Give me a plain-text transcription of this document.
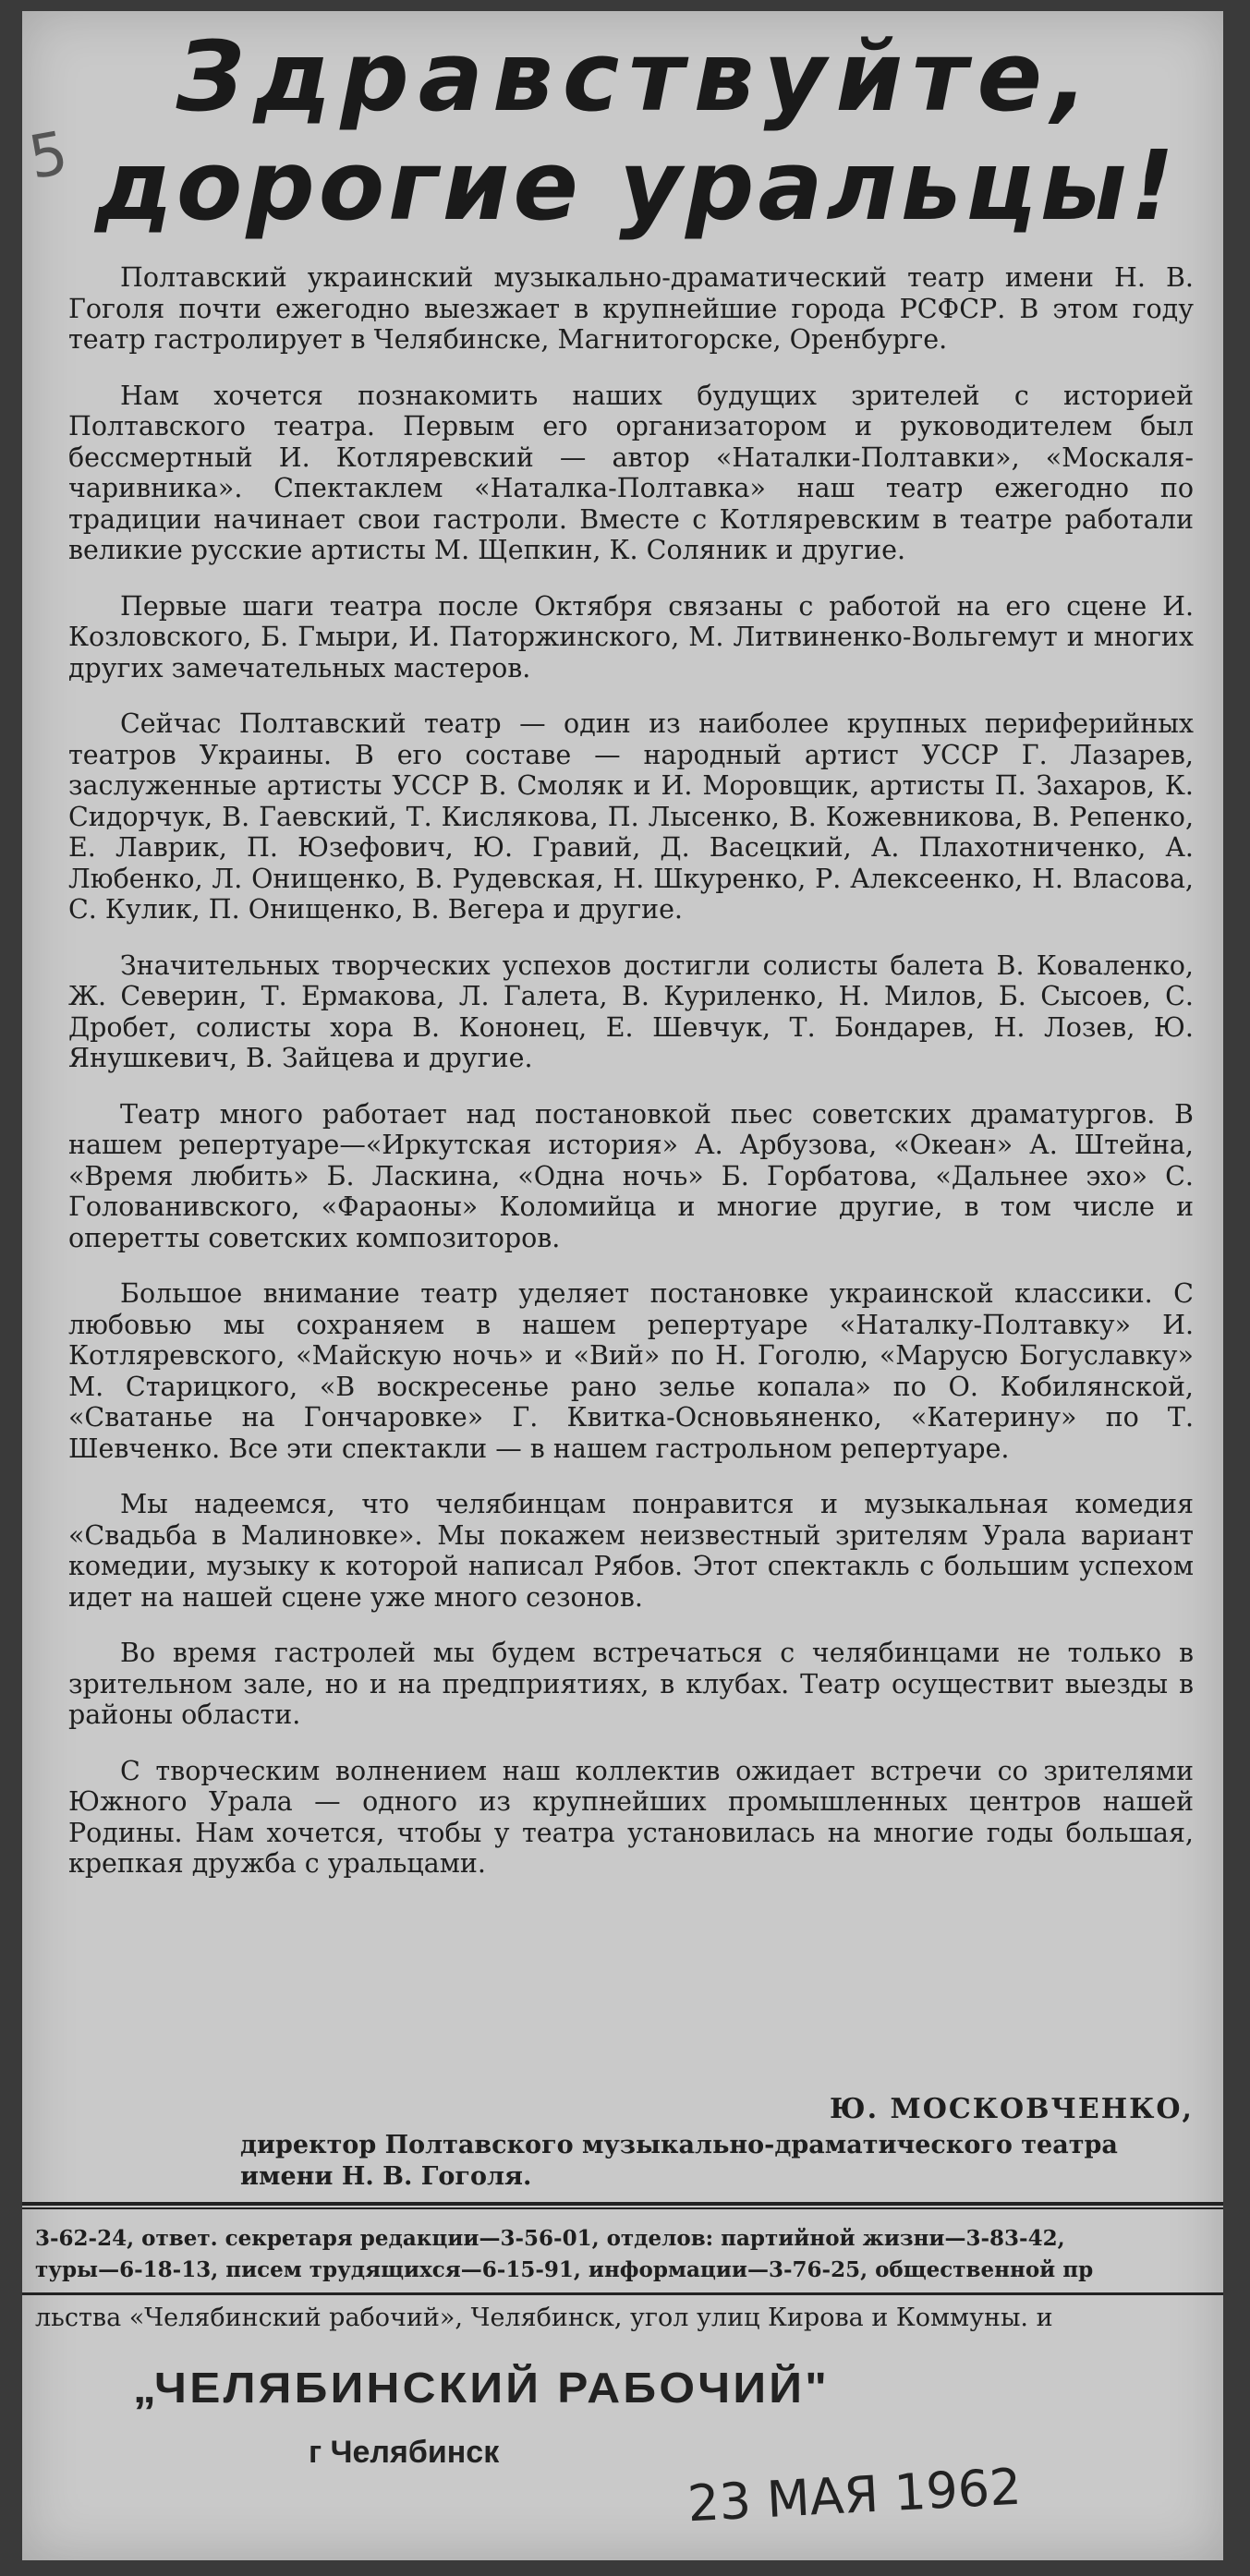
5
Здравствуйте,
дорогие уральцы!

Полтавский украинский музыкально-драматический театр имени Н. В. Гоголя почти ежегодно выезжает в крупнейшие города РСФСР. В этом году театр гастролирует в Челябинске, Магнитогорске, Оренбурге.

Нам хочется познакомить наших будущих зрителей с историей Полтавского театра. Первым его организатором и руководителем был бессмертный И. Котляревский — автор «Наталки-Полтавки», «Москаля-чаривника». Спектаклем «Наталка-Полтавка» наш театр ежегодно по традиции начинает свои гастроли. Вместе с Котляревским в театре работали великие русские артисты М. Щепкин, К. Соляник и другие.

Первые шаги театра после Октября связаны с работой на его сцене И. Козловского, Б. Гмыри, И. Паторжинского, М. Литвиненко-Вольгемут и многих других замечательных мастеров.

Сейчас Полтавский театр — один из наиболее крупных периферийных театров Украины. В его составе — народный артист УССР Г. Лазарев, заслуженные артисты УССР В. Смоляк и И. Моровщик, артисты П. Захаров, К. Сидорчук, В. Гаевский, Т. Кислякова, П. Лысенко, В. Кожевникова, В. Репенко, Е. Лаврик, П. Юзефович, Ю. Гравий, Д. Васецкий, А. Плахотниченко, А. Любенко, Л. Онищенко, В. Рудевская, Н. Шкуренко, Р. Алексеенко, Н. Власова, С. Кулик, П. Онищенко, В. Вегера и другие.

Значительных творческих успехов достигли солисты балета В. Коваленко, Ж. Северин, Т. Ермакова, Л. Галета, В. Куриленко, Н. Милов, Б. Сысоев, С. Дробет, солисты хора В. Кононец, Е. Шевчук, Т. Бондарев, Н. Лозев, Ю. Янушкевич, В. Зайцева и другие.

Театр много работает над постановкой пьес советских драматургов. В нашем репертуаре—«Иркутская история» А. Арбузова, «Океан» А. Штейна, «Время любить» Б. Ласкина, «Одна ночь» Б. Горбатова, «Дальнее эхо» С. Голованивского, «Фараоны» Коломийца и многие другие, в том числе и оперетты советских композиторов.

Большое внимание театр уделяет постановке украинской классики. С любовью мы сохраняем в нашем репертуаре «Наталку-Полтавку» И. Котляревского, «Майскую ночь» и «Вий» по Н. Гоголю, «Марусю Богуславку» М. Старицкого, «В воскресенье рано зелье копала» по О. Кобилянской, «Сватанье на Гончаровке» Г. Квитка-Основьяненко, «Катерину» по Т. Шевченко. Все эти спектакли — в нашем гастрольном репертуаре.

Мы надеемся, что челябинцам понравится и музыкальная комедия «Свадьба в Малиновке». Мы покажем неизвестный зрителям Урала вариант комедии, музыку к которой написал Рябов. Этот спектакль с большим успехом идет на нашей сцене уже много сезонов.

Во время гастролей мы будем встречаться с челябинцами не только в зрительном зале, но и на предприятиях, в клубах. Театр осуществит выезды в районы области.

С творческим волнением наш коллектив ожидает встречи со зрителями Южного Урала — одного из крупнейших промышленных центров нашей Родины. Нам хочется, чтобы у театра установилась на многие годы большая, крепкая дружба с уральцами.

Ю. МОСКОВЧЕНКО,
директор Полтавского музыкально-драматического театра
имени Н. В. Гоголя.
3-62-24, ответ. секретаря редакции—3-56-01, отделов: партийной жизни—3-83-42,
туры—6-18-13, писем трудящихся—6-15-91, информации—3-76-25, общественной пр
льства «Челябинский рабочий», Челябинск, угол улиц Кирова и Коммуны. и
„ЧЕЛЯБИНСКИЙ РАБОЧИЙ"
г Челябинск
23 МАЯ 1962
